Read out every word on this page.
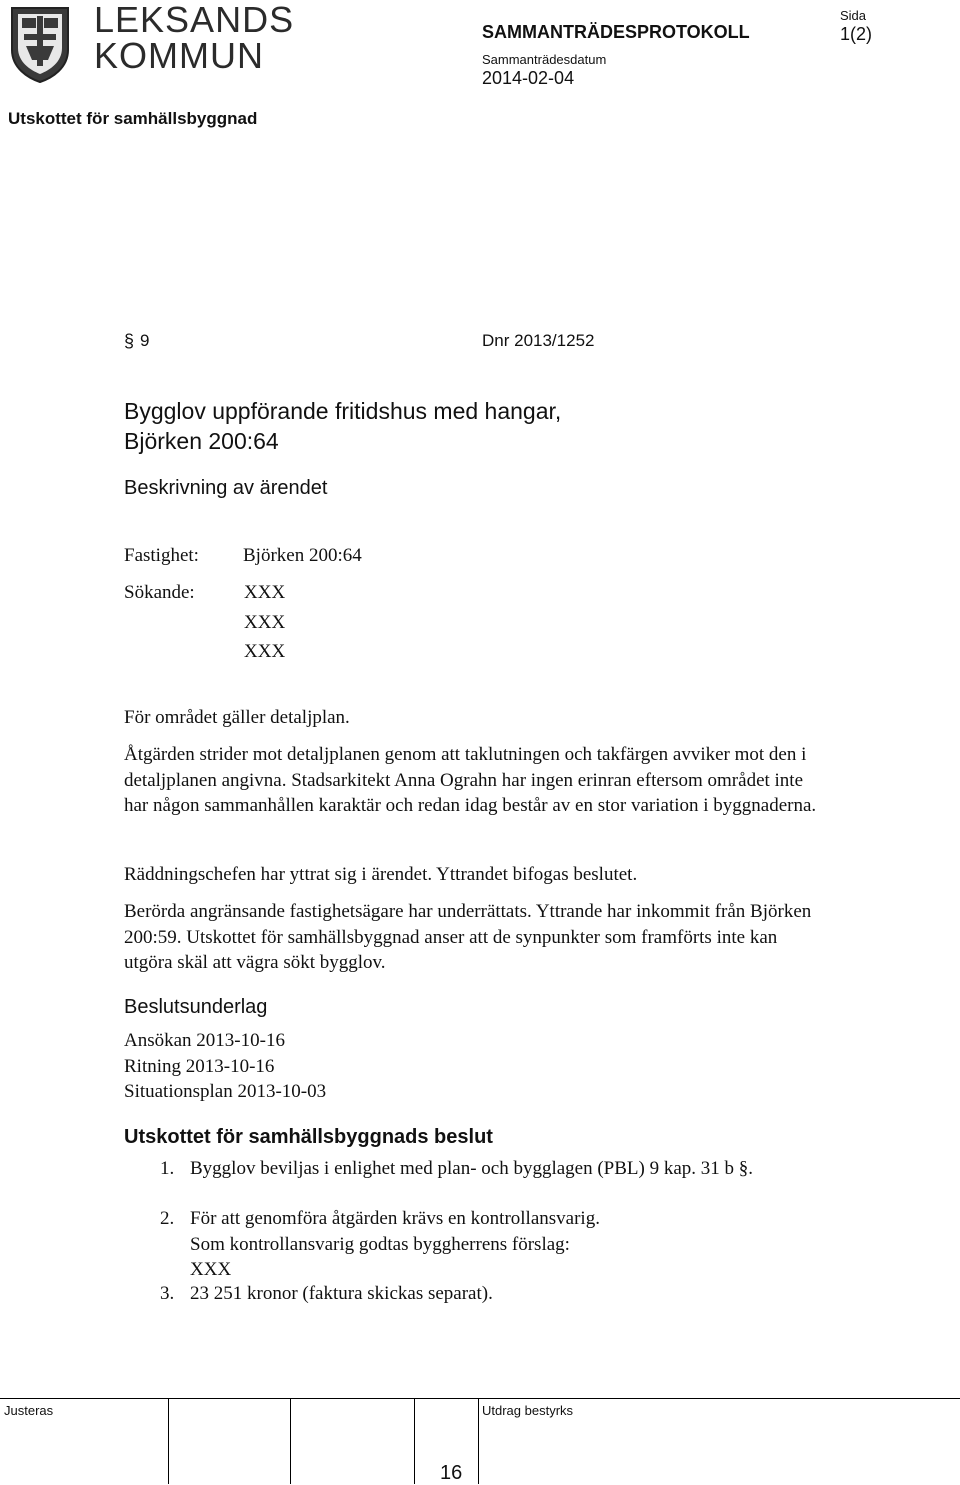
LEKSANDS
KOMMUN
SAMMANTRÄDESPROTOKOLL
Sammanträdesdatum
2014-02-04
Sida
1(2)
Utskottet för samhällsbyggnad
§ 9	Dnr 2013/1252
Bygglov uppförande fritidshus med hangar,
Björken 200:64
Beskrivning av ärendet
Fastighet: Björken 200:64
Sökande:	XXX
XXX
XXX
För området gäller detaljplan.
Åtgärden strider mot detaljplanen genom att taklutningen och takfärgen avviker mot den i detaljplanen angivna. Stadsarkitekt Anna Ograhn har ingen erinran eftersom området inte har någon sammanhållen karaktär och redan idag består av en stor variation i byggnaderna.
Räddningschefen har yttrat sig i ärendet. Yttrandet bifogas beslutet.
Berörda angränsande fastighetsägare har underrättats. Yttrande har inkommit från Björken 200:59. Utskottet för samhällsbyggnad anser att de synpunkter som framförts inte kan utgöra skäl att vägra sökt bygglov.
Beslutsunderlag
Ansökan 2013-10-16
Ritning 2013-10-16
Situationsplan 2013-10-03
Utskottet för samhällsbyggnads beslut
1. Bygglov beviljas i enlighet med plan- och bygglagen (PBL) 9 kap. 31 b §.
2. För att genomföra åtgärden krävs en kontrollansvarig.
Som kontrollansvarig godtas byggherrens förslag:
XXX
3. 23 251 kronor (faktura skickas separat).
Justeras	Utdrag bestyrks
16
